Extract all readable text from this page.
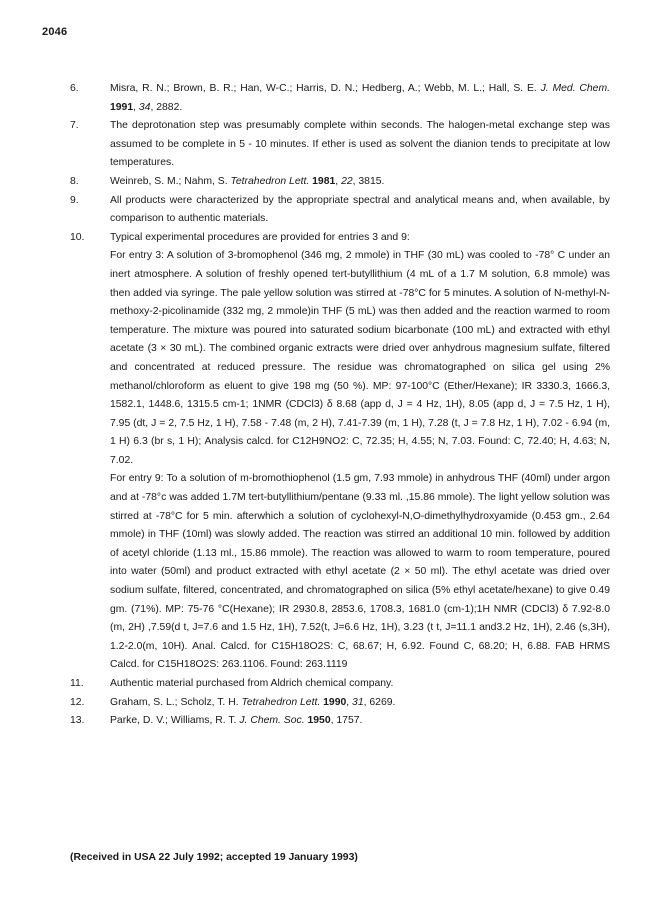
2046
6.	Misra, R. N.; Brown, B. R.; Han, W-C.; Harris, D. N.; Hedberg, A.; Webb, M. L.; Hall, S. E. J. Med. Chem. 1991, 34, 2882.

7.	The deprotonation step was presumably complete within seconds. The halogen-metal exchange step was assumed to be complete in 5 - 10 minutes. If ether is used as solvent the dianion tends to precipitate at low temperatures.

8.	Weinreb, S. M.; Nahm, S. Tetrahedron Lett. 1981, 22, 3815.

9.	All products were characterized by the appropriate spectral and analytical means and, when available, by comparison to authentic materials.

10.	Typical experimental procedures are provided for entries 3 and 9:

For entry 3: A solution of 3-bromophenol (346 mg, 2 mmole) in THF (30 mL) was cooled to -78° C under an inert atmosphere. A solution of freshly opened tert-butyllithium (4 mL of a 1.7 M solution, 6.8 mmole) was then added via syringe. The pale yellow solution was stirred at -78°C for 5 minutes. A solution of N-methyl-N-methoxy-2-picolinamide (332 mg, 2 mmole)in THF (5 mL) was then added and the reaction warmed to room temperature. The mixture was poured into saturated sodium bicarbonate (100 mL) and extracted with ethyl acetate (3 × 30 mL). The combined organic extracts were dried over anhydrous magnesium sulfate, filtered and concentrated at reduced pressure. The residue was chromatographed on silica gel using 2% methanol/chloroform as eluent to give 198 mg (50 %). MP: 97-100°C (Ether/Hexane); IR 3330.3, 1666.3, 1582.1, 1448.6, 1315.5 cm-1; 1NMR (CDCl3) δ 8.68 (app d, J = 4 Hz, 1H), 8.05 (app d, J = 7.5 Hz, 1 H), 7.95 (dt, J = 2, 7.5 Hz, 1 H), 7.58 - 7.48 (m, 2 H), 7.41-7.39 (m, 1 H), 7.28 (t, J = 7.8 Hz, 1 H), 7.02 - 6.94 (m, 1 H) 6.3 (br s, 1 H); Analysis calcd. for C12H9NO2: C, 72.35; H, 4.55; N, 7.03. Found: C, 72.40; H, 4.63; N, 7.02.

For entry 9: To a solution of m-bromothiophenol (1.5 gm, 7.93 mmole) in anhydrous THF (40ml) under argon and at -78°c was added 1.7M tert-butyllithium/pentane (9.33 ml. ,15.86 mmole). The light yellow solution was stirred at -78°C for 5 min. afterwhich a solution of cyclohexyl-N,O-dimethylhydroxyamide (0.453 gm., 2.64 mmole) in THF (10ml) was slowly added. The reaction was stirred an additional 10 min. followed by addition of acetyl chloride (1.13 ml., 15.86 mmole). The reaction was allowed to warm to room temperature, poured into water (50ml) and product extracted with ethyl acetate (2 × 50 ml). The ethyl acetate was dried over sodium sulfate, filtered, concentrated, and chromatographed on silica (5% ethyl acetate/hexane) to give 0.49 gm. (71%). MP: 75-76 °C(Hexane); IR 2930.8, 2853.6, 1708.3, 1681.0 (cm-1);1H NMR (CDCl3) δ 7.92-8.0 (m, 2H) ,7.59(d t, J=7.6 and 1.5 Hz, 1H), 7.52(t, J=6.6 Hz, 1H), 3.23 (t t, J=11.1 and3.2 Hz, 1H), 2.46 (s,3H), 1.2-2.0(m, 10H). Anal. Calcd. for C15H18O2S: C, 68.67; H, 6.92. Found C, 68.20; H, 6.88. FAB HRMS Calcd. for C15H18O2S: 263.1106. Found: 263.1119

11.	Authentic material purchased from Aldrich chemical company.

12.	Graham, S. L.; Scholz, T. H. Tetrahedron Lett. 1990, 31, 6269.

13.	Parke, D. V.; Williams, R. T. J. Chem. Soc. 1950, 1757.

(Received in USA 22 July 1992; accepted 19 January 1993)
